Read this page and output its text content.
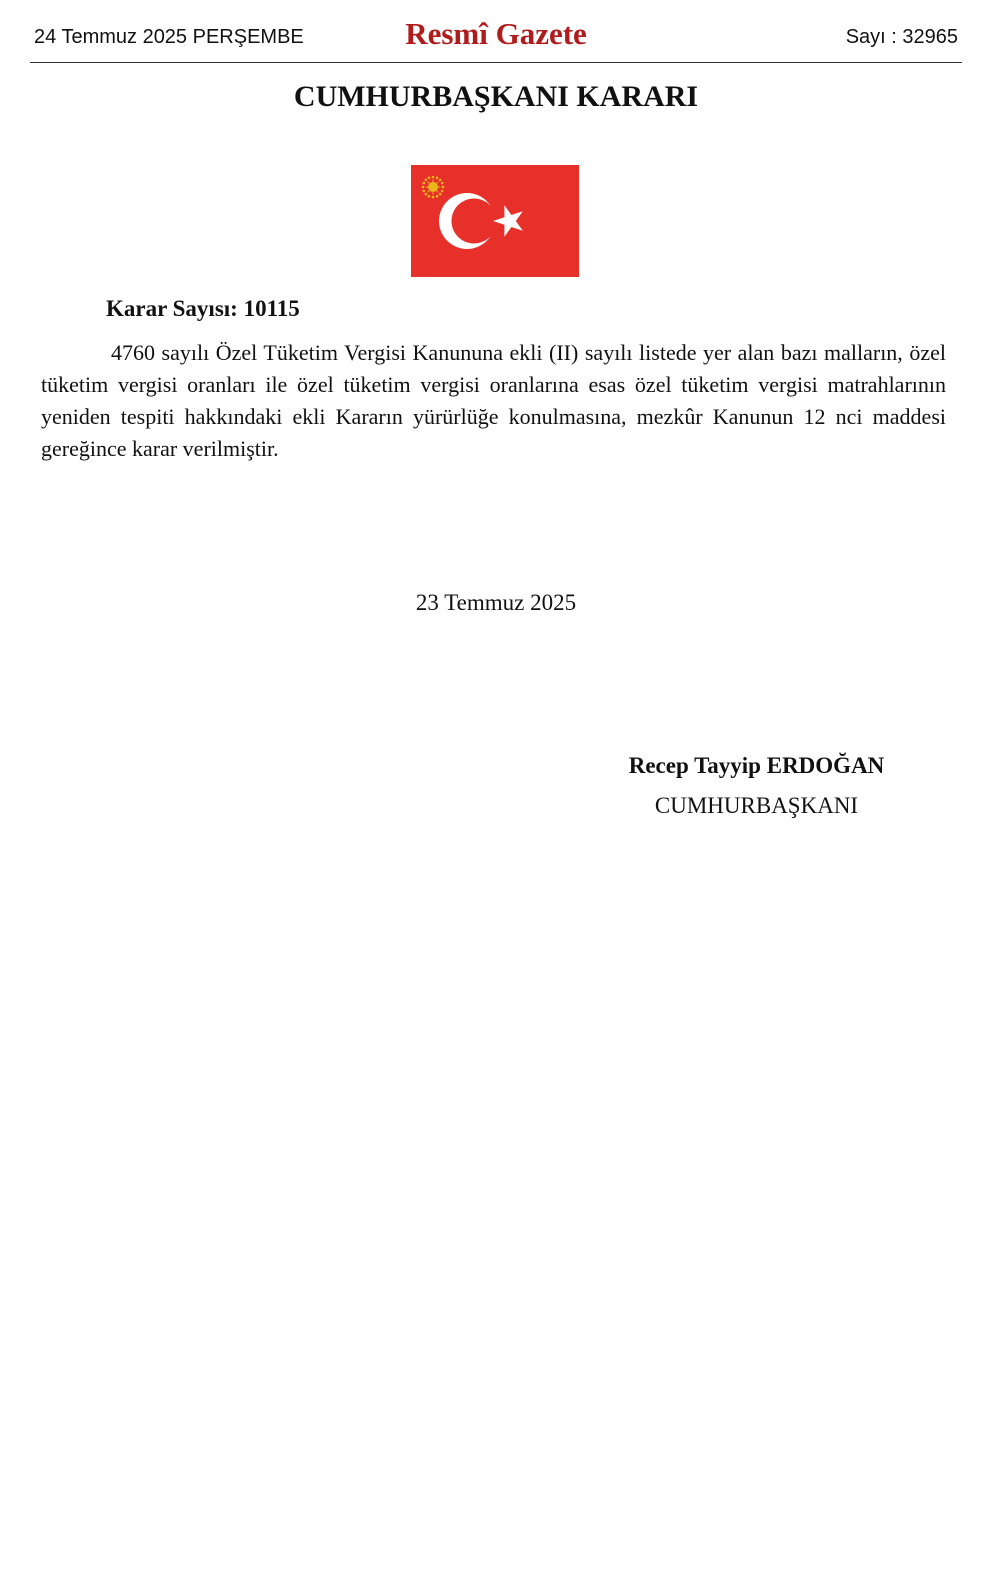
24 Temmuz 2025 PERŞEMBE	Resmî Gazete	Sayı : 32965
CUMHURBAŞKANI KARARI
Karar Sayısı: 10115

4760 sayılı Özel Tüketim Vergisi Kanununa ekli (II) sayılı listede yer alan bazı malların, özel tüketim vergisi oranları ile özel tüketim vergisi oranlarına esas özel tüketim vergisi matrahlarının yeniden tespiti hakkındaki ekli Kararın yürürlüğe konulmasına, mezkûr Kanunun 12 nci maddesi gereğince karar verilmiştir.

23 Temmuz 2025
Recep Tayyip ERDOĞAN
CUMHURBAŞKANI
